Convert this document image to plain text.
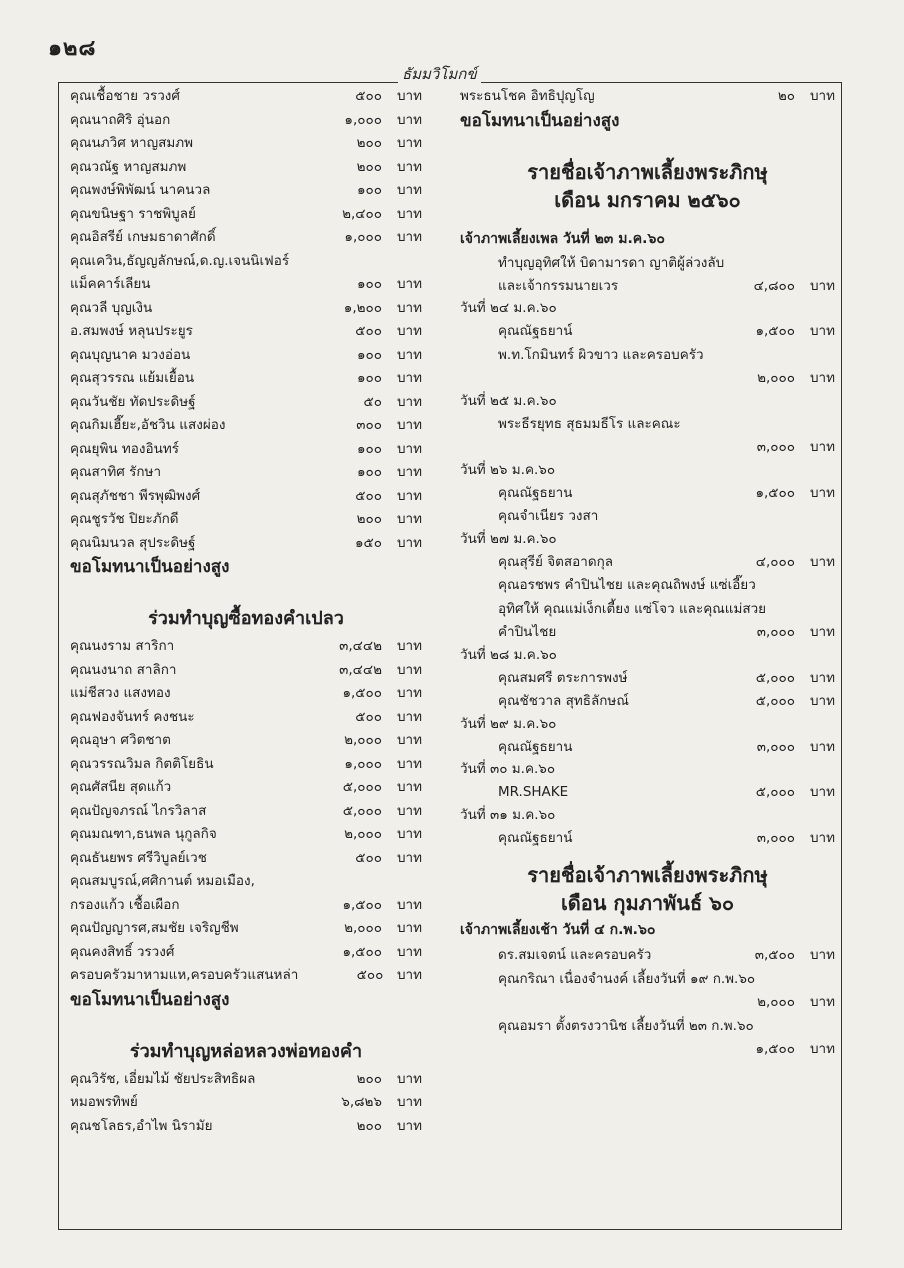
๑๒๘
ธัมมวิโมกข์
คุณเชื้อชาย วรวงศ์	๕๐๐	บาท
คุณนาถศิริ อุ่นอก	๑,๐๐๐	บาท
คุณนภวิศ หาญสมภพ	๒๐๐	บาท
คุณวณัฐ หาญสมภพ	๒๐๐	บาท
คุณพงษ์พิพัฒน์ นาคนวล	๑๐๐	บาท
คุณขนิษฐา ราชพิบูลย์	๒,๔๐๐	บาท
คุณอิสรีย์ เกษมธาดาศักดิ์	๑,๐๐๐	บาท
คุณเควิน,ธัญญลักษณ์,ด.ญ.เจนนิเฟอร์
แม็คคาร์เลียน	๑๐๐	บาท
คุณวลี บุญเงิน	๑,๒๐๐	บาท
อ.สมพงษ์ หลุนประยูร	๕๐๐	บาท
คุณบุญนาค มวงอ่อน	๑๐๐	บาท
คุณสุวรรณ แย้มเยื้อน	๑๐๐	บาท
คุณวันชัย ทัดประดิษฐ์	๕๐	บาท
คุณกิมเฮี๊ยะ,อัชวิน แสงผ่อง	๓๐๐	บาท
คุณยุพิน ทองอินทร์	๑๐๐	บาท
คุณสาทิศ รักษา	๑๐๐	บาท
คุณสุภัชชา พีรพุฒิพงศ์	๕๐๐	บาท
คุณชูรวัช ปิยะภักดี	๒๐๐	บาท
คุณนิมนวล สุประดิษฐ์	๑๕๐	บาท
ขอโมทนาเป็นอย่างสูง
ร่วมทำบุญซื้อทองคำเปลว
คุณนงราม สาริกา	๓,๔๔๒	บาท
คุณนงนาถ สาลิกา	๓,๔๔๒	บาท
แม่ชีสวง แสงทอง	๑,๕๐๐	บาท
คุณฟองจันทร์ คงชนะ	๕๐๐	บาท
คุณอุษา ศวิตชาต	๒,๐๐๐	บาท
คุณวรรณวิมล กิตติโยธิน	๑,๐๐๐	บาท
คุณศัสนีย สุดแก้ว	๕,๐๐๐	บาท
คุณปัญจภรณ์ ไกรวิลาส	๕,๐๐๐	บาท
คุณมณฑา,ธนพล นุกูลกิจ	๒,๐๐๐	บาท
คุณธันยพร ศรีวิบูลย์เวช	๕๐๐	บาท
คุณสมบูรณ์,ศศิกานต์ หมอเมือง,
กรองแก้ว เชื้อเผือก	๑,๕๐๐	บาท
คุณปัญญารศ,สมชัย เจริญชีพ	๒,๐๐๐	บาท
คุณคงสิทธิ์ วรวงศ์	๑,๕๐๐	บาท
ครอบครัวมาหามแห,ครอบครัวแสนหล่า	๕๐๐	บาท
ขอโมทนาเป็นอย่างสูง
ร่วมทำบุญหล่อหลวงพ่อทองคำ
คุณวิรัช, เอี่ยมไม้ ชัยประสิทธิผล	๒๐๐	บาท
หมอพรทิพย์	๖,๘๒๖	บาท
คุณชโลธร,อำไพ นิรามัย	๒๐๐	บาท
พระธนโชค อิทธิปุญโญ	๒๐	บาท
ขอโมทนาเป็นอย่างสูง
รายชื่อเจ้าภาพเลี้ยงพระภิกษุ
เดือน มกราคม ๒๕๖๐
เจ้าภาพเลี้ยงเพล วันที่ ๒๓ ม.ค.๖๐
ทำบุญอุทิศให้ บิดามารดา ญาติผู้ล่วงลับ
และเจ้ากรรมนายเวร	๔,๘๐๐	บาท
วันที่ ๒๔ ม.ค.๖๐
คุณณัฐธยาน์	๑,๕๐๐	บาท
พ.ท.โกมินทร์ ผิวขาว และครอบครัว
๒,๐๐๐	บาท
วันที่ ๒๕ ม.ค.๖๐
พระธีรยุทธ สุธมมธีโร และคณะ
๓,๐๐๐	บาท
วันที่ ๒๖ ม.ค.๖๐
คุณณัฐธยาน	๑,๕๐๐	บาท
คุณจำเนียร วงสา
วันที่ ๒๗ ม.ค.๖๐
คุณสุรีย์ จิตสอาดกุล	๔,๐๐๐	บาท
คุณอรชพร คำปินไชย และคุณถิพงษ์ แซ่เอี๊ยว
อุทิศให้ คุณแม่เง็กเตี้ยง แซ่โจว และคุณแม่สวย
คำปินไชย	๓,๐๐๐	บาท
วันที่ ๒๘ ม.ค.๖๐
คุณสมศรี ตระการพงษ์	๕,๐๐๐	บาท
คุณชัชวาล สุทธิลักษณ์	๕,๐๐๐	บาท
วันที่ ๒๙ ม.ค.๖๐
คุณณัฐธยาน	๓,๐๐๐	บาท
วันที่ ๓๐ ม.ค.๖๐
MR.SHAKE	๕,๐๐๐	บาท
วันที่ ๓๑ ม.ค.๖๐
คุณณัฐธยาน์	๓,๐๐๐	บาท
รายชื่อเจ้าภาพเลี้ยงพระภิกษุ
เดือน กุมภาพันธ์ ๖๐
เจ้าภาพเลี้ยงเช้า วันที่ ๔ ก.พ.๖๐
ดร.สมเจตน์ และครอบครัว	๓,๕๐๐	บาท
คุณกริณา เนื่องจำนงค์ เลี้ยงวันที่ ๑๙ ก.พ.๖๐
๒,๐๐๐	บาท
คุณอมรา ตั้งตรงวานิช เลี้ยงวันที่ ๒๓ ก.พ.๖๐
๑,๕๐๐	บาท
